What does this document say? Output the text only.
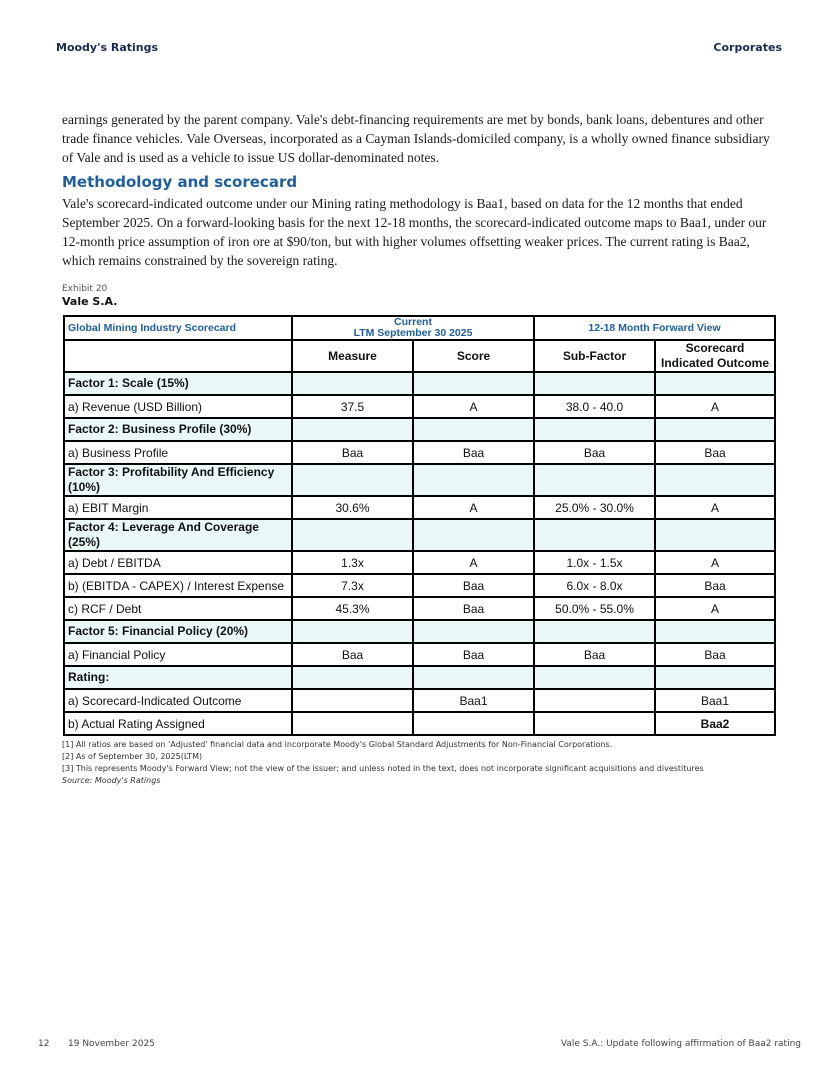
Moody's Ratings	Corporates

earnings generated by the parent company. Vale's debt-financing requirements are met by bonds, bank loans, debentures and other trade finance vehicles. Vale Overseas, incorporated as a Cayman Islands-domiciled company, is a wholly owned finance subsidiary of Vale and is used as a vehicle to issue US dollar-denominated notes.

Methodology and scorecard

Vale's scorecard-indicated outcome under our Mining rating methodology is Baa1, based on data for the 12 months that ended September 2025. On a forward-looking basis for the next 12-18 months, the scorecard-indicated outcome maps to Baa1, under our 12-month price assumption of iron ore at $90/ton, but with higher volumes offsetting weaker prices. The current rating is Baa2, which remains constrained by the sovereign rating.

Exhibit 20
Vale S.A.
Global Mining Industry Scorecard	Current
LTM September 30 2025		12-18 Month Forward View	
	Measure	Score	Sub-Factor	Scorecard Indicated Outcome
Factor 1: Scale (15%)				
a) Revenue (USD Billion)	37.5	A	38.0 - 40.0	A
Factor 2: Business Profile (30%)				
a) Business Profile	Baa	Baa	Baa	Baa
Factor 3: Profitability And Efficiency (10%)				
a) EBIT Margin	30.6%	A	25.0% - 30.0%	A
Factor 4: Leverage And Coverage (25%)				
a) Debt / EBITDA	1.3x	A	1.0x - 1.5x	A
b) (EBITDA - CAPEX) / Interest Expense	7.3x	Baa	6.0x - 8.0x	Baa
c) RCF / Debt	45.3%	Baa	50.0% - 55.0%	A
Factor 5: Financial Policy (20%)				
a) Financial Policy	Baa	Baa	Baa	Baa
Rating:				
a) Scorecard-Indicated Outcome		Baa1		Baa1
b) Actual Rating Assigned				Baa2
[1] All ratios are based on 'Adjusted' financial data and incorporate Moody's Global Standard Adjustments for Non-Financial Corporations.
[2] As of September 30, 2025(LTM)
[3] This represents Moody's Forward View; not the view of the issuer; and unless noted in the text, does not incorporate significant acquisitions and divestitures
Source: Moody's Ratings
12 19 November 2025	Vale S.A.: Update following affirmation of Baa2 rating
